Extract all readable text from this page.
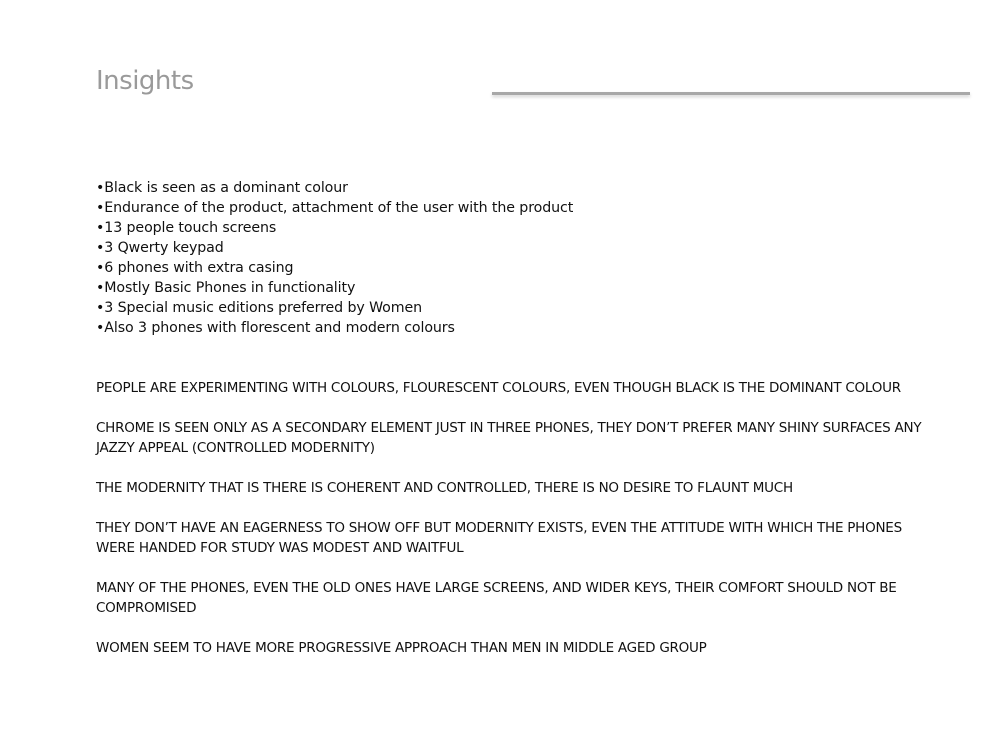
Insights
•Black is seen as a dominant colour
•Endurance of the product, attachment of the user with the product
•13 people touch screens
•3 Qwerty keypad
•6 phones with extra casing
•Mostly Basic Phones in functionality
•3 Special music editions preferred by Women
•Also 3 phones with florescent and modern colours

PEOPLE ARE EXPERIMENTING WITH COLOURS, FLOURESCENT COLOURS, EVEN THOUGH BLACK IS THE DOMINANT COLOUR

CHROME IS SEEN ONLY AS A SECONDARY ELEMENT JUST IN THREE PHONES, THEY DON’T PREFER MANY SHINY SURFACES ANY JAZZY APPEAL (CONTROLLED MODERNITY)

THE MODERNITY THAT IS THERE IS COHERENT AND CONTROLLED, THERE IS NO DESIRE TO FLAUNT MUCH

THEY DON’T HAVE AN EAGERNESS TO SHOW OFF BUT MODERNITY EXISTS, EVEN THE ATTITUDE WITH WHICH THE PHONES WERE HANDED FOR STUDY WAS MODEST AND WAITFUL

MANY OF THE PHONES, EVEN THE OLD ONES HAVE LARGE SCREENS, AND WIDER KEYS, THEIR COMFORT SHOULD NOT BE COMPROMISED

WOMEN SEEM TO HAVE MORE PROGRESSIVE APPROACH THAN MEN IN MIDDLE AGED GROUP
